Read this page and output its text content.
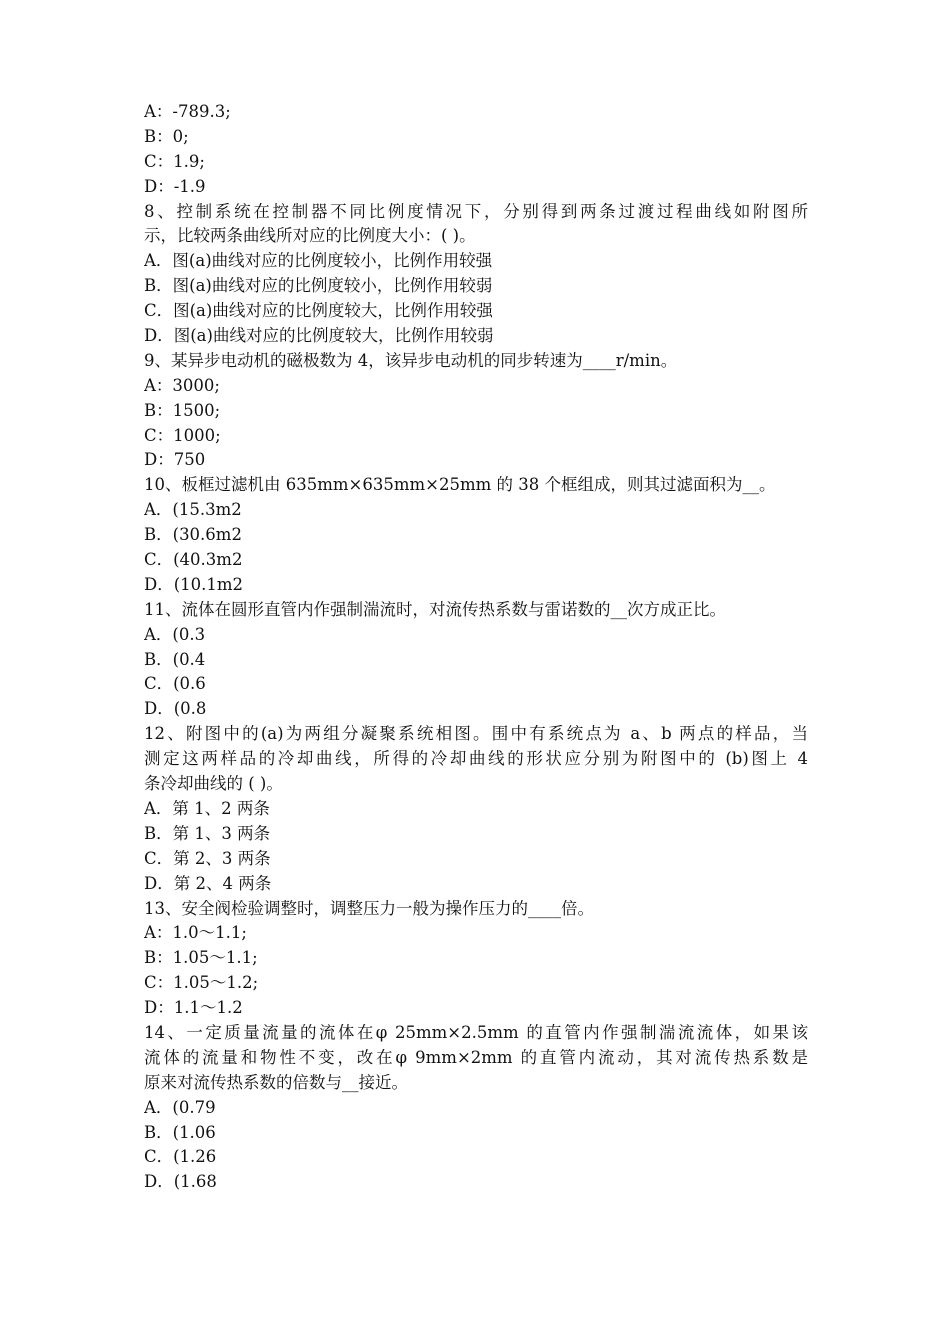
A：-789.3;
B：0;
C：1.9;
D：-1.9
8、控制系统在控制器不同比例度情况下，分别得到两条过渡过程曲线如附图所
示，比较两条曲线所对应的比例度大小：( )。
A．图(a)曲线对应的比例度较小，比例作用较强
B．图(a)曲线对应的比例度较小，比例作用较弱
C．图(a)曲线对应的比例度较大，比例作用较强
D．图(a)曲线对应的比例度较大，比例作用较弱
9、某异步电动机的磁极数为 4，该异步电动机的同步转速为____r/min。
A：3000;
B：1500;
C：1000;
D：750
10、板框过滤机由 635mm×635mm×25mm 的 38 个框组成，则其过滤面积为__。
A．(15.3m2
B．(30.6m2
C．(40.3m2
D．(10.1m2
11、流体在圆形直管内作强制湍流时，对流传热系数与雷诺数的__次方成正比。
A．(0.3
B．(0.4
C．(0.6
D．(0.8
12、附图中的(a)为两组分凝聚系统相图。围中有系统点为 a、b 两点的样品，当
测定这两样品的冷却曲线，所得的冷却曲线的形状应分别为附图中的 (b)图上 4
条冷却曲线的 ( )。
A．第 1、2 两条
B．第 1、3 两条
C．第 2、3 两条
D．第 2、4 两条
13、安全阀检验调整时，调整压力一般为操作压力的____倍。
A：1.0～1.1;
B：1.05～1.1;
C：1.05～1.2;
D：1.1～1.2
14、一定质量流量的流体在φ 25mm×2.5mm 的直管内作强制湍流流体，如果该
流体的流量和物性不变，改在φ 9mm×2mm 的直管内流动，其对流传热系数是
原来对流传热系数的倍数与__接近。
A．(0.79
B．(1.06
C．(1.26
D．(1.68
